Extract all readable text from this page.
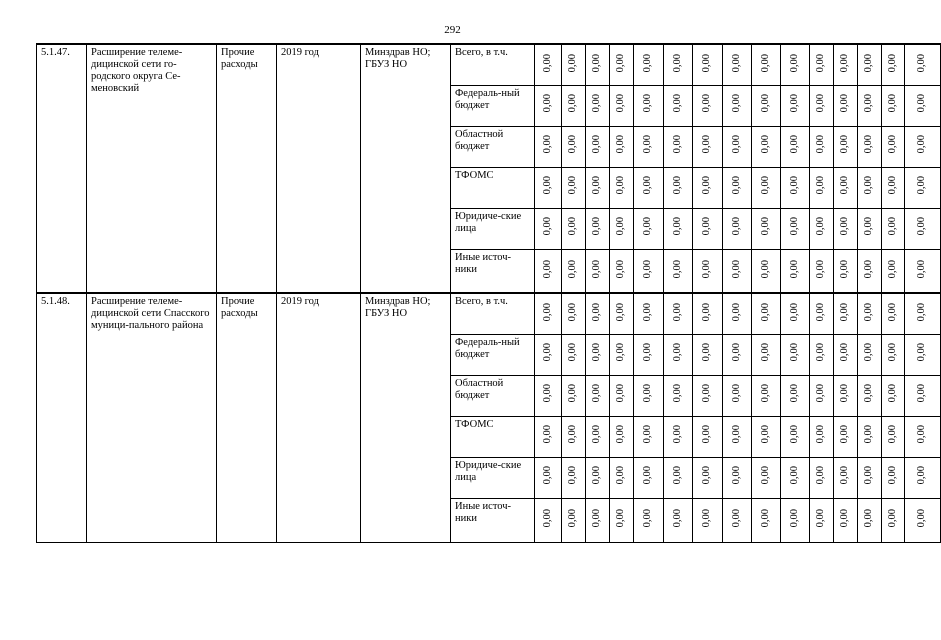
292
5.1.47.	Расширение телеме-дицинской сети го-родского округа Се-меновский	Прочие расходы	2019 год	Минздрав НО; ГБУЗ НО	Всего, в т.ч.	0,00	0,00	0,00	0,00	0,00	0,00	0,00	0,00	0,00	0,00	0,00	0,00	0,00	0,00	0,00
					Федераль-ный бюджет	0,00	0,00	0,00	0,00	0,00	0,00	0,00	0,00	0,00	0,00	0,00	0,00	0,00	0,00	0,00
					Областной бюджет	0,00	0,00	0,00	0,00	0,00	0,00	0,00	0,00	0,00	0,00	0,00	0,00	0,00	0,00	0,00
					ТФОМС	0,00	0,00	0,00	0,00	0,00	0,00	0,00	0,00	0,00	0,00	0,00	0,00	0,00	0,00	0,00
					Юридиче-ские лица	0,00	0,00	0,00	0,00	0,00	0,00	0,00	0,00	0,00	0,00	0,00	0,00	0,00	0,00	0,00
					Иные источ-ники	0,00	0,00	0,00	0,00	0,00	0,00	0,00	0,00	0,00	0,00	0,00	0,00	0,00	0,00	0,00
5.1.48.	Расширение телеме-дицинской сети Спасского муници-пального района	Прочие расходы	2019 год	Минздрав НО; ГБУЗ НО	Всего, в т.ч.	0,00	0,00	0,00	0,00	0,00	0,00	0,00	0,00	0,00	0,00	0,00	0,00	0,00	0,00	0,00
					Федераль-ный бюджет	0,00	0,00	0,00	0,00	0,00	0,00	0,00	0,00	0,00	0,00	0,00	0,00	0,00	0,00	0,00
					Областной бюджет	0,00	0,00	0,00	0,00	0,00	0,00	0,00	0,00	0,00	0,00	0,00	0,00	0,00	0,00	0,00
					ТФОМС	0,00	0,00	0,00	0,00	0,00	0,00	0,00	0,00	0,00	0,00	0,00	0,00	0,00	0,00	0,00
					Юридиче-ские лица	0,00	0,00	0,00	0,00	0,00	0,00	0,00	0,00	0,00	0,00	0,00	0,00	0,00	0,00	0,00
					Иные источ-ники	0,00	0,00	0,00	0,00	0,00	0,00	0,00	0,00	0,00	0,00	0,00	0,00	0,00	0,00	0,00
